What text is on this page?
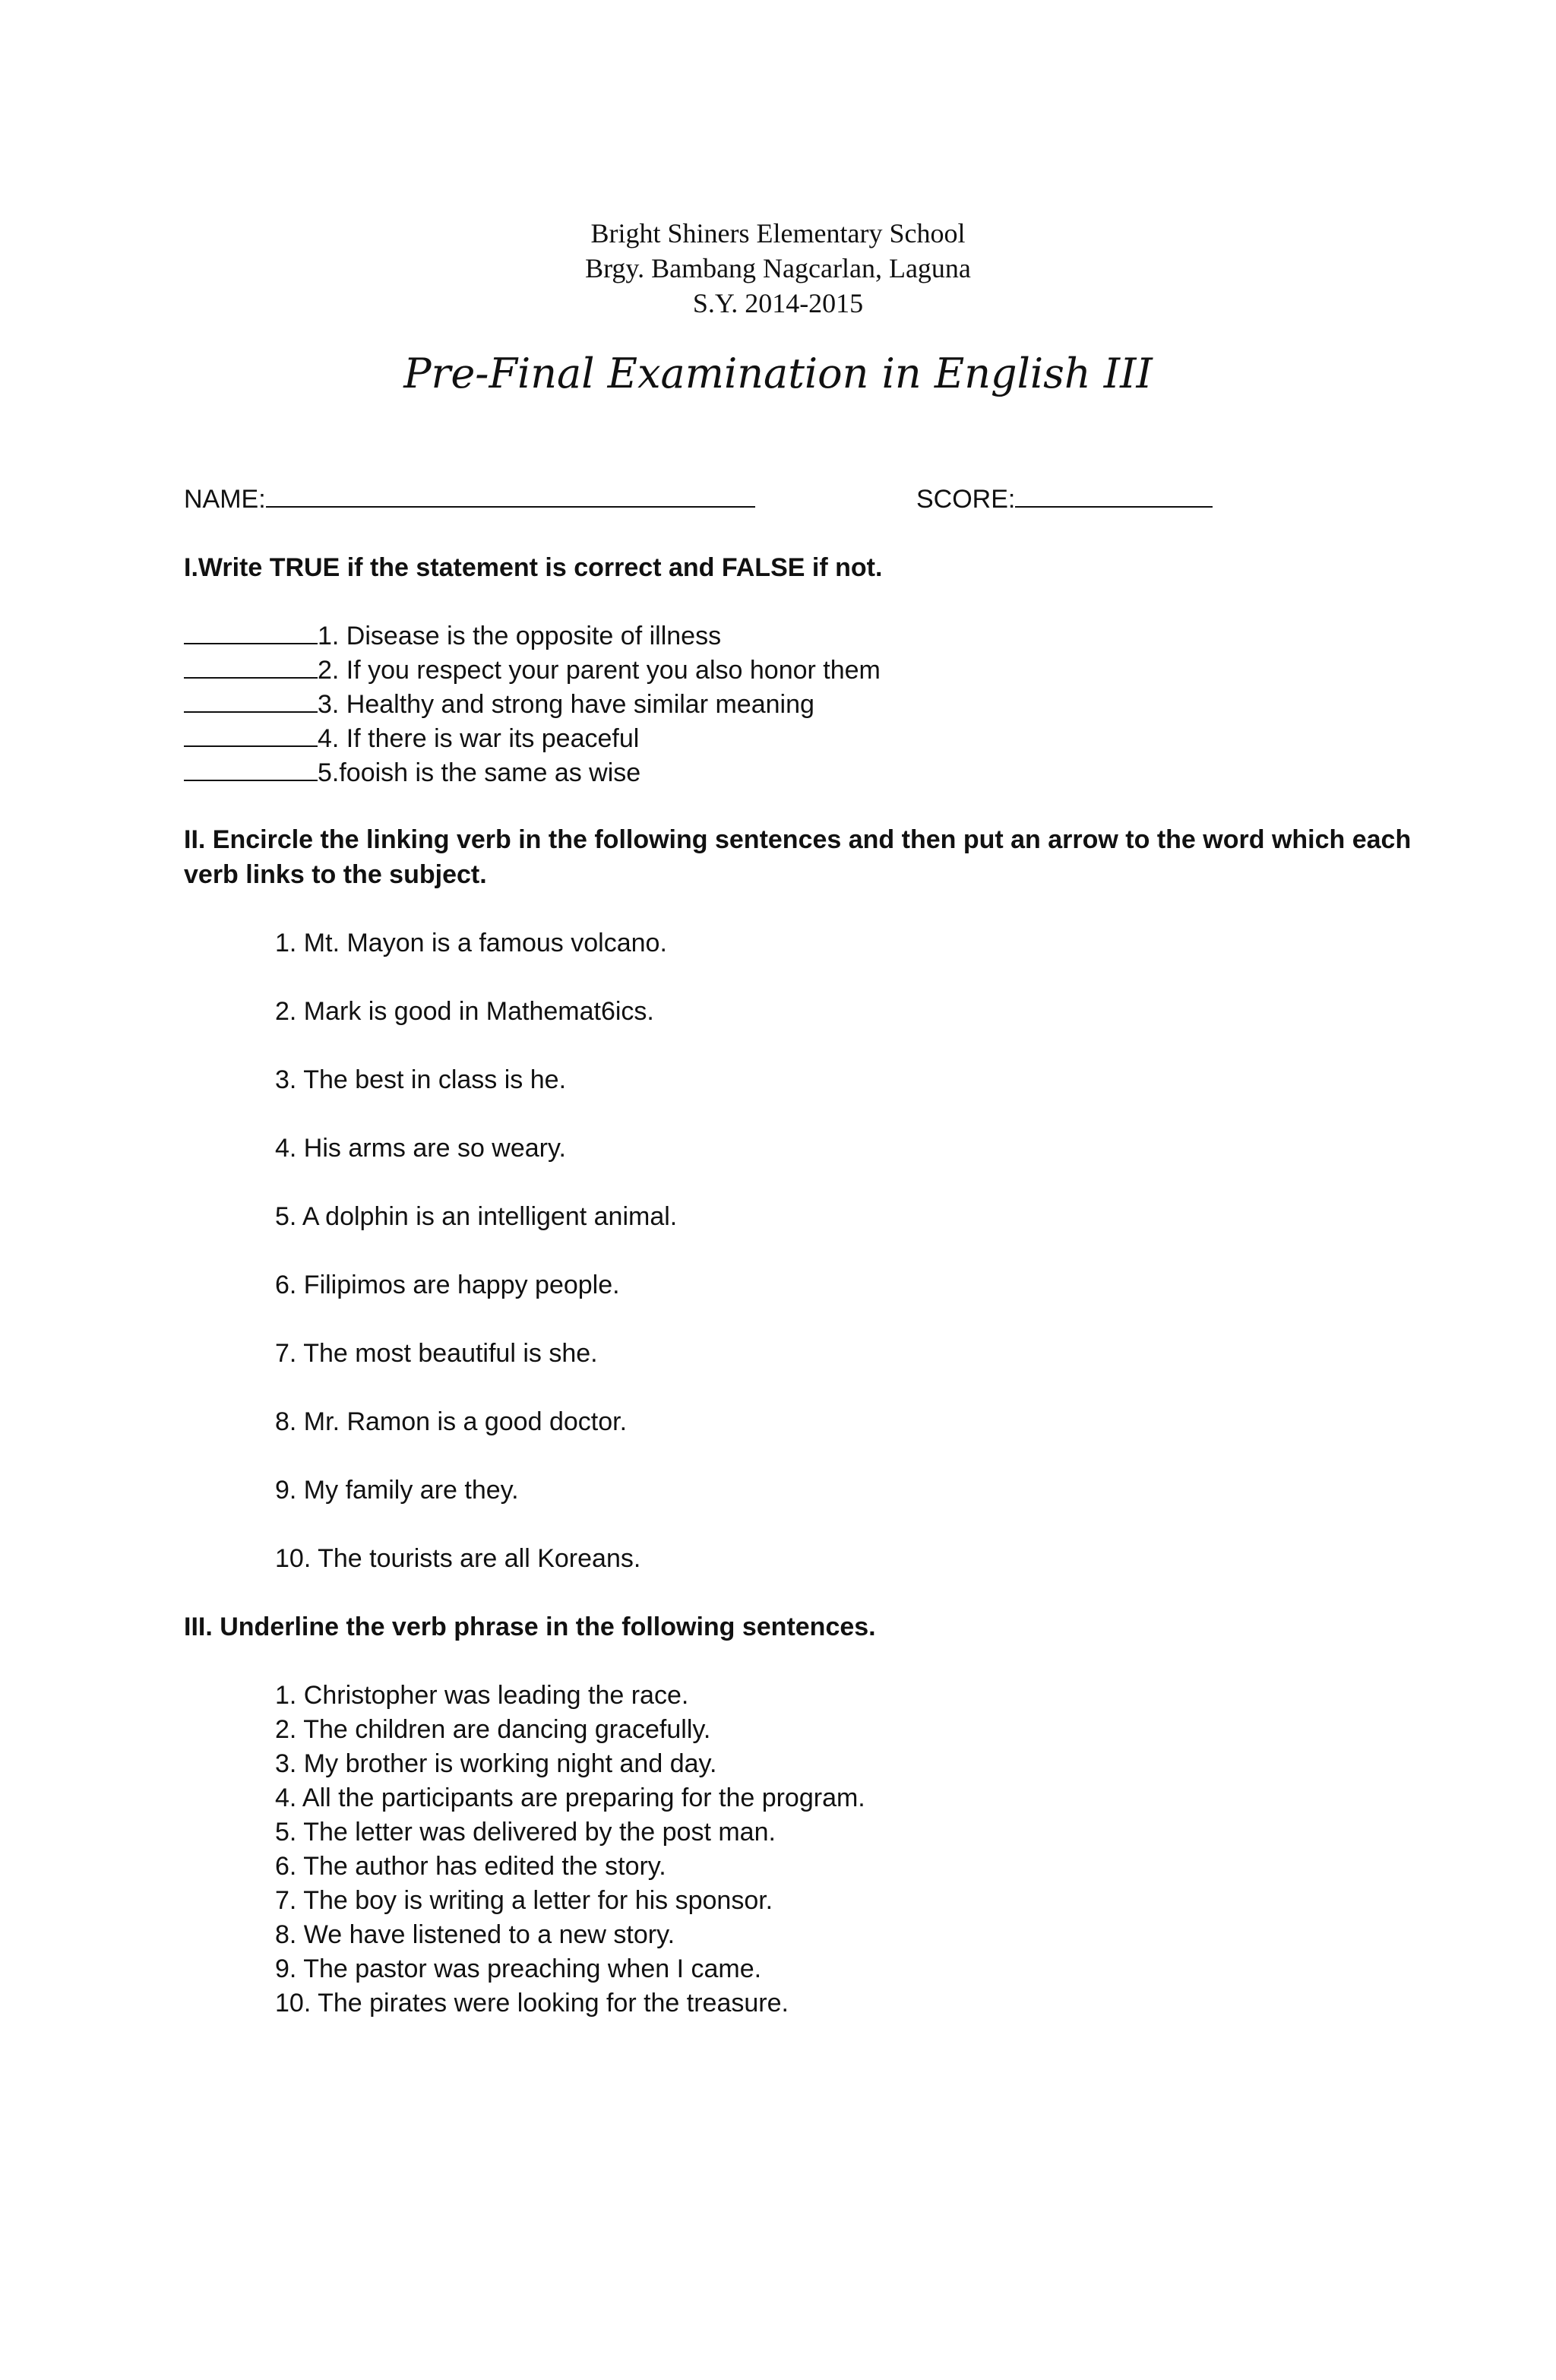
Bright Shiners Elementary School
Brgy. Bambang Nagcarlan, Laguna
S.Y. 2014-2015
Pre-Final Examination in English III
NAME:	SCORE:
I.Write TRUE if the statement is correct and FALSE if not.
1. Disease is the opposite of illness
2. If you respect your parent you also honor them
3. Healthy and strong have similar meaning
4. If there is war its peaceful
5.fooish is the same as wise
II. Encircle the linking verb in the following sentences and then put an arrow to the word which each
verb links to the subject.
1. Mt. Mayon is a famous volcano.
2. Mark is good in Mathemat6ics.
3. The best in class is he.
4. His arms are so weary.
5. A dolphin is an intelligent animal.
6. Filipimos are happy people.
7. The most beautiful is she.
8. Mr. Ramon is a good doctor.
9. My family are they.
10. The tourists are all Koreans.
III. Underline the verb phrase in the following sentences.
1. Christopher was leading the race.
2. The children are dancing gracefully.
3. My brother is working night and day.
4. All the participants are preparing for the program.
5. The letter was delivered by the post man.
6. The author has edited the story.
7. The boy is writing a letter for his sponsor.
8. We have listened to a new story.
9. The pastor was preaching when I came.
10. The pirates were looking for the treasure.
